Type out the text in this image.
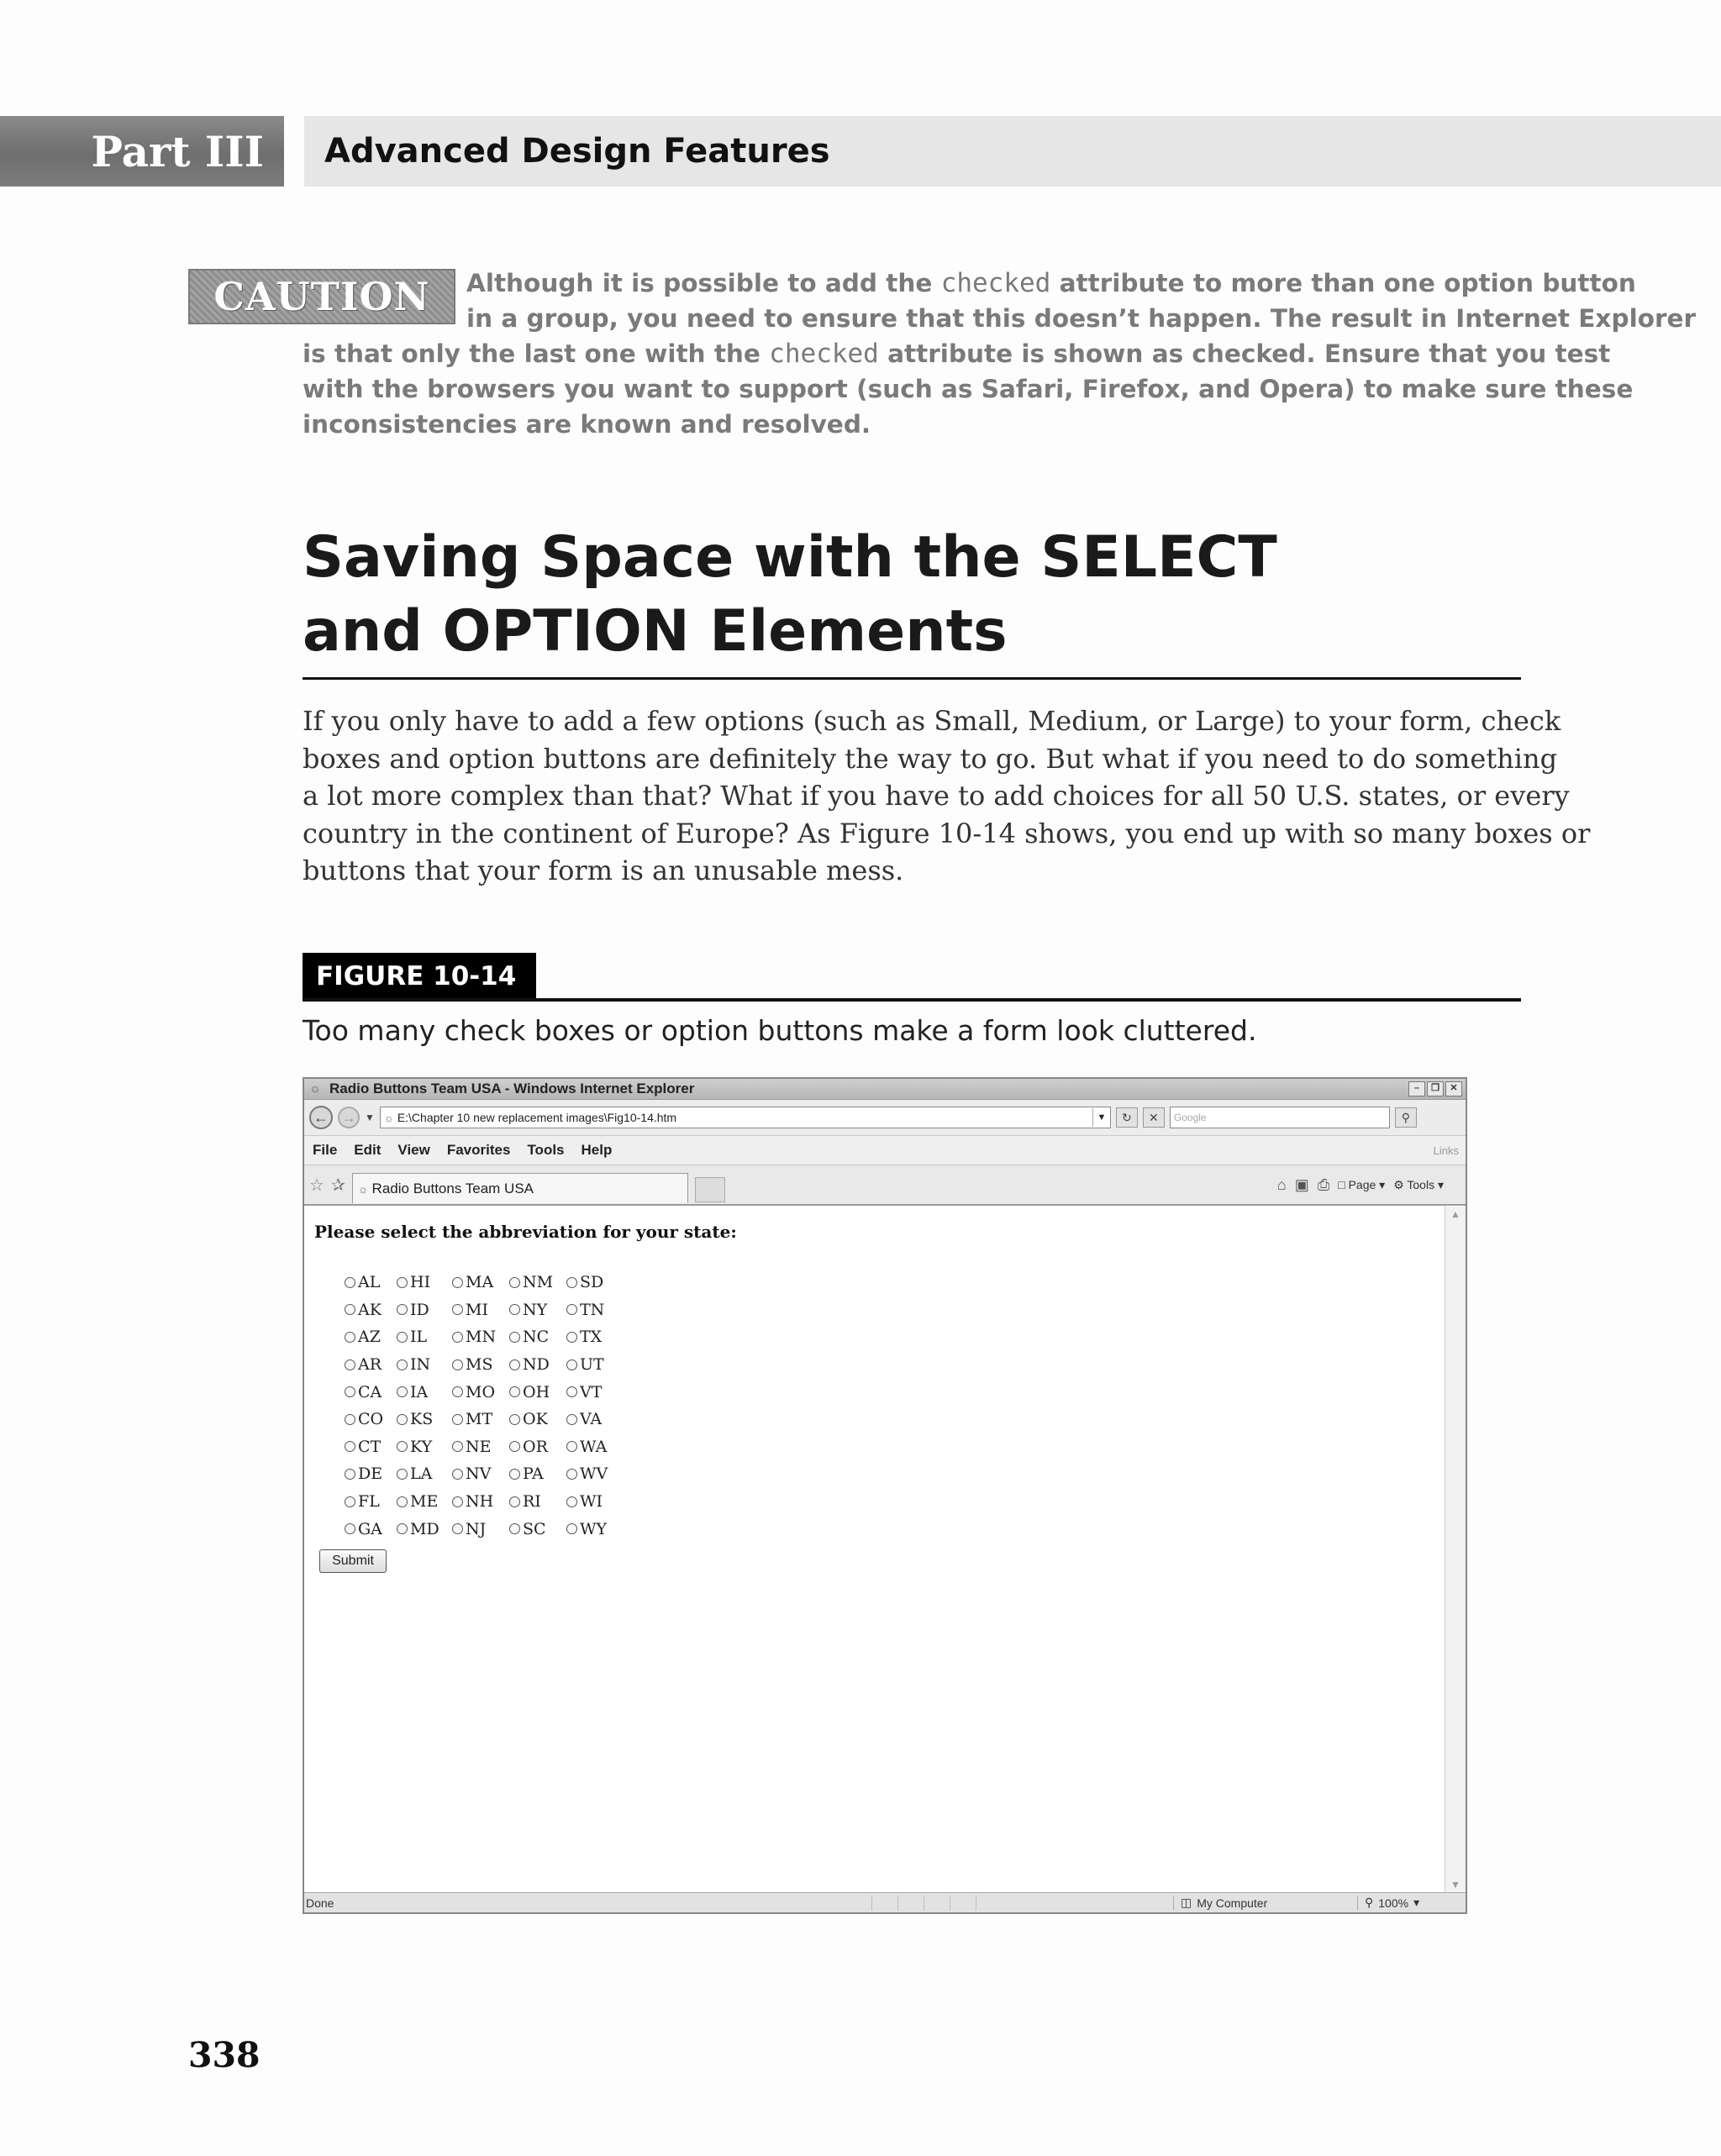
Part III	Advanced Design Features
CAUTION	Although it is possible to add the checked attribute to more than one option button

in a group, you need to ensure that this doesn’t happen. The result in Internet Explorer

is that only the last one with the checked attribute is shown as checked. Ensure that you test

with the browsers you want to support (such as Safari, Firefox, and Opera) to make sure these

inconsistencies are known and resolved.

Saving Space with the SELECT
and OPTION Elements

If you only have to add a few options (such as Small, Medium, or Large) to your form, check
boxes and option buttons are definitely the way to go. But what if you need to do something
a lot more complex than that? What if you have to add choices for all 50 U.S. states, or every
country in the continent of Europe? As Figure 10-14 shows, you end up with so many boxes or
buttons that your form is an unusable mess.

FIGURE 10-14

Too many check boxes or option buttons make a form look cluttered.

☼ Radio Buttons Team USA - Windows Internet Explorer	–	❐	✕
← → ▼ ☼ E:\Chapter 10 new replacement images\Fig10-14.htm	▼	↻	✕	Google	⚲
File Edit View Favorites Tools Help	Links
☆ ✰ ☼ Radio Buttons Team USA	⌂ ▣ ⎙ □ Page ▾ ⚙ Tools ▾
Please select the abbreviation for your state:
AL HI MA NM SD
AK ID MI NY TN
AZ IL MN NC TX
AR IN MS ND UT
CA IA MO OH VT
CO KS MT OK VA
CT KY NE OR WA
DE LA NV PA WV
FL ME NH RI WI
GA MD NJ SC WY
Submit
▲
▼
Done	◫ My Computer	⚲ 100% ▾
338
